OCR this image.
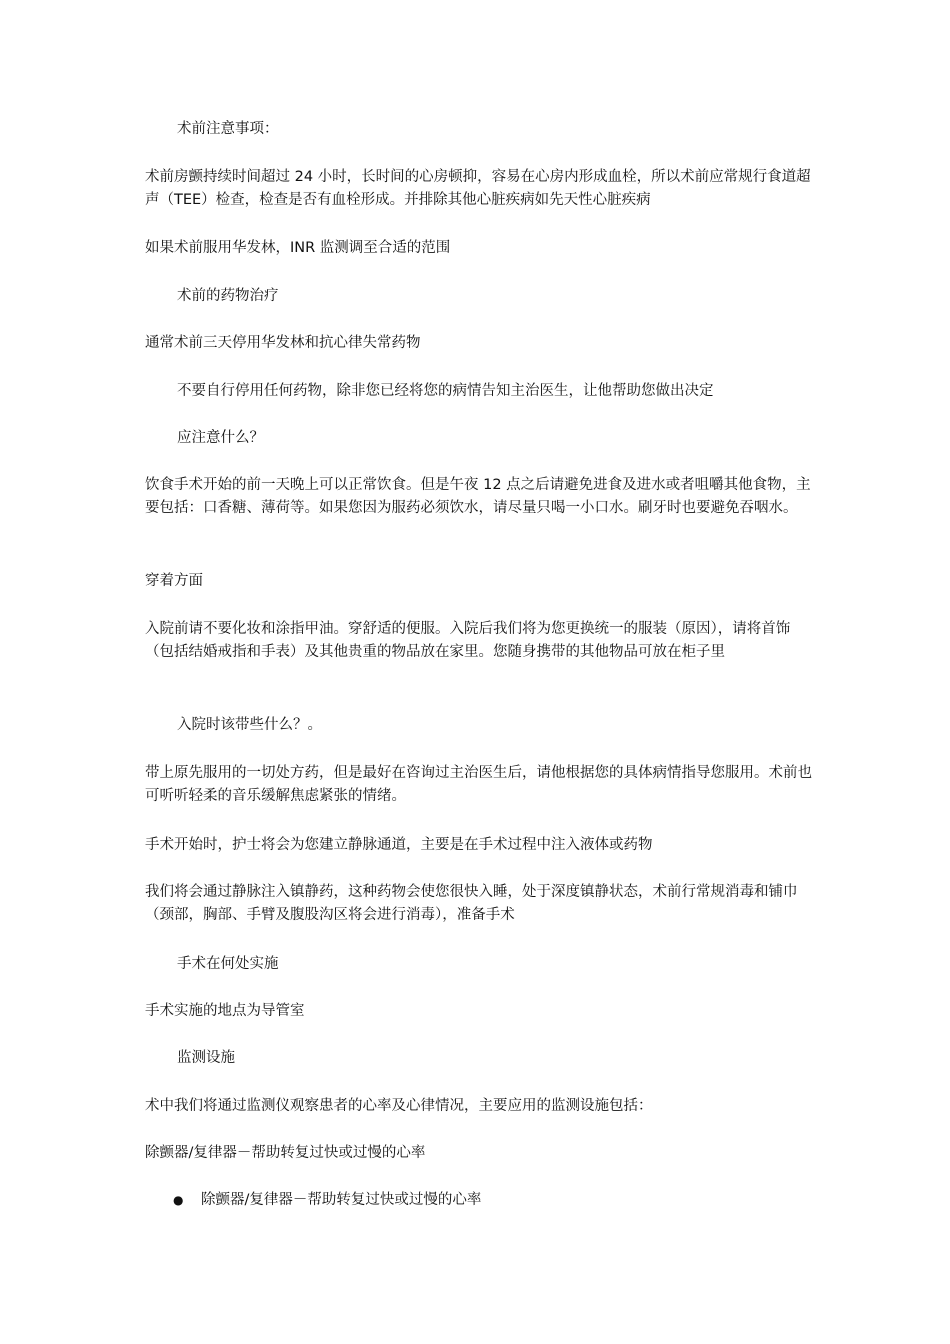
术前注意事项：

术前房颤持续时间超过 24 小时，长时间的心房顿抑，容易在心房内形成血栓，所以术前应常规行食道超声（TEE）检查，检查是否有血栓形成。并排除其他心脏疾病如先天性心脏疾病

如果术前服用华发林，INR 监测调至合适的范围

术前的药物治疗

通常术前三天停用华发林和抗心律失常药物

不要自行停用任何药物，除非您已经将您的病情告知主治医生，让他帮助您做出决定

应注意什么？

饮食手术开始的前一天晚上可以正常饮食。但是午夜 12 点之后请避免进食及进水或者咀嚼其他食物，主要包括：口香糖、薄荷等。如果您因为服药必须饮水，请尽量只喝一小口水。刷牙时也要避免吞咽水。

穿着方面

入院前请不要化妆和涂指甲油。穿舒适的便服。入院后我们将为您更换统一的服装（原因），请将首饰（包括结婚戒指和手表）及其他贵重的物品放在家里。您随身携带的其他物品可放在柜子里

入院时该带些什么？。

带上原先服用的一切处方药，但是最好在咨询过主治医生后，请他根据您的具体病情指导您服用。术前也可听听轻柔的音乐缓解焦虑紧张的情绪。

手术开始时，护士将会为您建立静脉通道，主要是在手术过程中注入液体或药物

我们将会通过静脉注入镇静药，这种药物会使您很快入睡，处于深度镇静状态，术前行常规消毒和铺巾（颈部，胸部、手臂及腹股沟区将会进行消毒），准备手术

手术在何处实施

手术实施的地点为导管室

监测设施

术中我们将通过监测仪观察患者的心率及心律情况，主要应用的监测设施包括：

除颤器/复律器－帮助转复过快或过慢的心率

● 除颤器/复律器－帮助转复过快或过慢的心率
